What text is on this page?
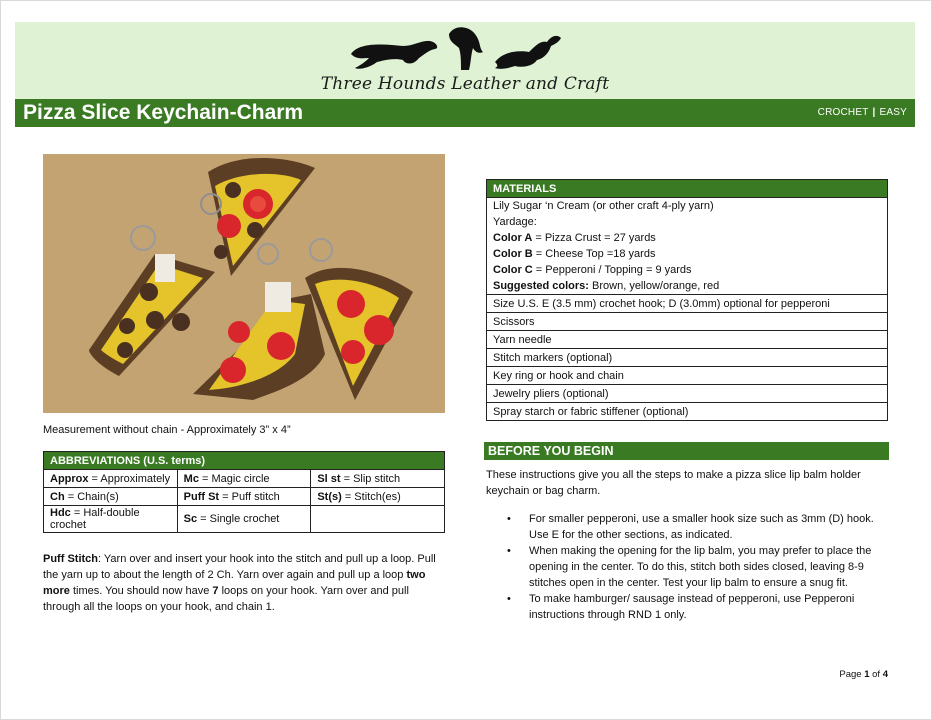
Three Hounds Leather and Craft
Pizza Slice Keychain-Charm	CROCHET | EASY
Measurement without chain - Approximately 3” x 4”
ABBREVIATIONS (U.S. terms)		
Approx = Approximately	Mc = Magic circle	Sl st = Slip stitch
Ch = Chain(s)	Puff St = Puff stitch	St(s) = Stitch(es)
Hdc = Half-double crochet	Sc = Single crochet	
Puff Stitch: Yarn over and insert your hook into the stitch and pull up a loop. Pull the yarn up to about the length of 2 Ch. Yarn over again and pull up a loop two more times. You should now have 7 loops on your hook. Yarn over and pull through all the loops on your hook, and chain 1.
MATERIALS

Lily Sugar ‘n Cream (or other craft 4-ply yarn)
Yardage:
Color A = Pizza Crust = 27 yards
Color B = Cheese Top =18 yards
Color C = Pepperoni / Topping = 9 yards
Suggested colors: Brown, yellow/orange, red

Size U.S. E (3.5 mm) crochet hook; D (3.0mm) optional for pepperoni
Scissors
Yarn needle
Stitch markers (optional)
Key ring or hook and chain
Jewelry pliers (optional)
Spray starch or fabric stiffener (optional)
BEFORE YOU BEGIN
These instructions give you all the steps to make a pizza slice lip balm holder keychain or bag charm.
• For smaller pepperoni, use a smaller hook size such as 3mm (D) hook. Use E for the other sections, as indicated.
• When making the opening for the lip balm, you may prefer to place the opening in the center. To do this, stitch both sides closed, leaving 8-9 stitches open in the center. Test your lip balm to ensure a snug fit.
• To make hamburger/ sausage instead of pepperoni, use Pepperoni instructions through RND 1 only.
Page 1 of 4
